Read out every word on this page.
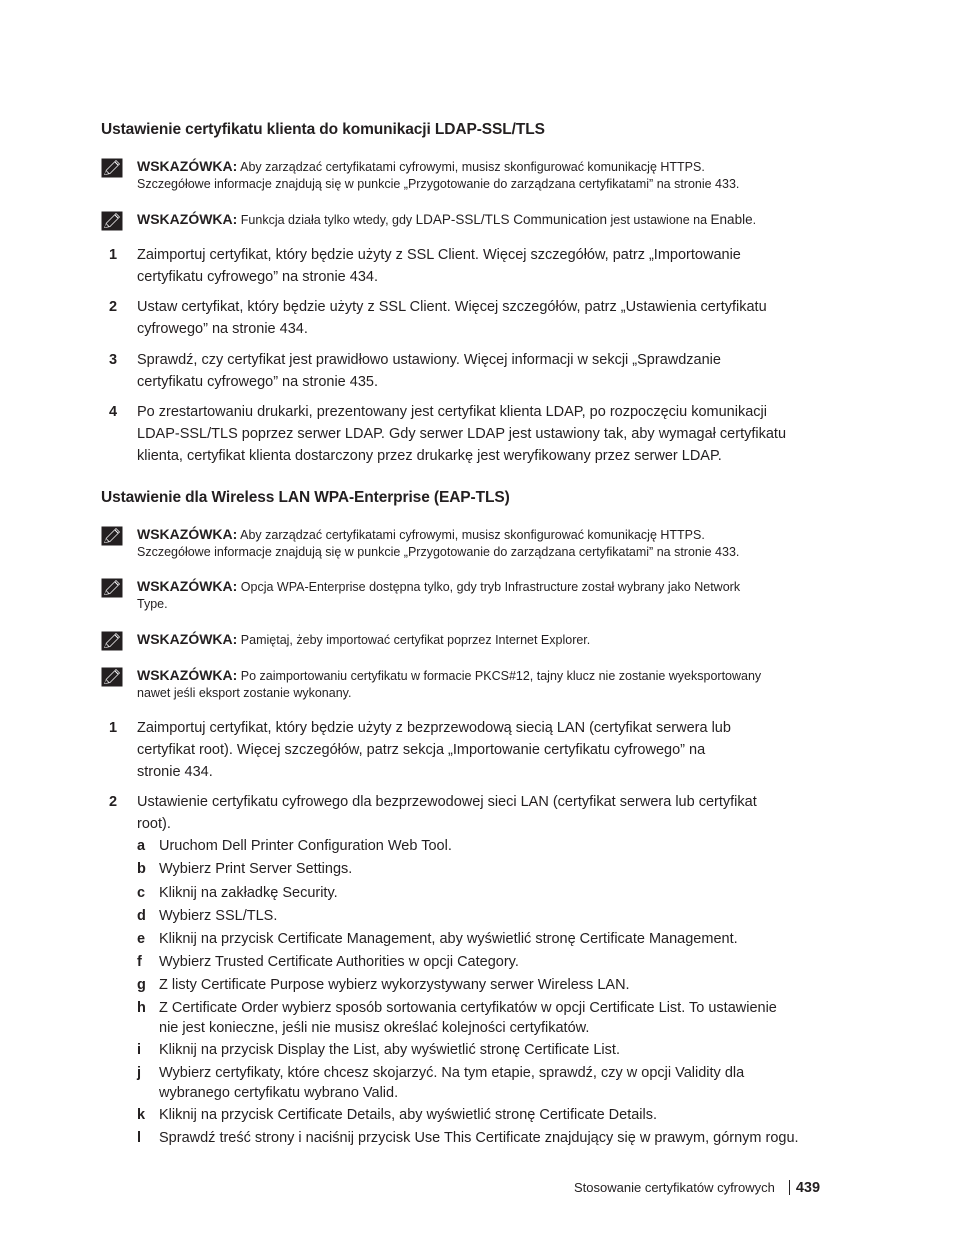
Ustawienie certyfikatu klienta do komunikacji LDAP-SSL/TLS
WSKAZÓWKA: Aby zarządzać certyfikatami cyfrowymi, musisz skonfigurować komunikację HTTPS.
Szczegółowe informacje znajdują się w punkcie „Przygotowanie do zarządzana certyfikatami” na stronie 433.
WSKAZÓWKA: Funkcja działa tylko wtedy, gdy LDAP-SSL/TLS Communication jest ustawione na Enable.
1 Zaimportuj certyfikat, który będzie użyty z SSL Client. Więcej szczegółów, patrz „Importowanie
certyfikatu cyfrowego” na stronie 434.
2 Ustaw certyfikat, który będzie użyty z SSL Client. Więcej szczegółów, patrz „Ustawienia certyfikatu
cyfrowego” na stronie 434.
3 Sprawdź, czy certyfikat jest prawidłowo ustawiony. Więcej informacji w sekcji „Sprawdzanie
certyfikatu cyfrowego” na stronie 435.
4 Po zrestartowaniu drukarki, prezentowany jest certyfikat klienta LDAP, po rozpoczęciu komunikacji
LDAP-SSL/TLS poprzez serwer LDAP. Gdy serwer LDAP jest ustawiony tak, aby wymagał certyfikatu
klienta, certyfikat klienta dostarczony przez drukarkę jest weryfikowany przez serwer LDAP.
Ustawienie dla Wireless LAN WPA-Enterprise (EAP-TLS)
WSKAZÓWKA: Aby zarządzać certyfikatami cyfrowymi, musisz skonfigurować komunikację HTTPS.
Szczegółowe informacje znajdują się w punkcie „Przygotowanie do zarządzana certyfikatami” na stronie 433.
WSKAZÓWKA: Opcja WPA-Enterprise dostępna tylko, gdy tryb Infrastructure został wybrany jako Network
Type.
WSKAZÓWKA: Pamiętaj, żeby importować certyfikat poprzez Internet Explorer.
WSKAZÓWKA: Po zaimportowaniu certyfikatu w formacie PKCS#12, tajny klucz nie zostanie wyeksportowany
nawet jeśli eksport zostanie wykonany.
1 Zaimportuj certyfikat, który będzie użyty z bezprzewodową siecią LAN (certyfikat serwera lub
certyfikat root). Więcej szczegółów, patrz sekcja „Importowanie certyfikatu cyfrowego” na
stronie 434.
2 Ustawienie certyfikatu cyfrowego dla bezprzewodowej sieci LAN (certyfikat serwera lub certyfikat
root).
a Uruchom Dell Printer Configuration Web Tool.
b Wybierz Print Server Settings.
c Kliknij na zakładkę Security.
d Wybierz SSL/TLS.
e Kliknij na przycisk Certificate Management, aby wyświetlić stronę Certificate Management.
f Wybierz Trusted Certificate Authorities w opcji Category.
g Z listy Certificate Purpose wybierz wykorzystywany serwer Wireless LAN.
h Z Certificate Order wybierz sposób sortowania certyfikatów w opcji Certificate List. To ustawienie
nie jest konieczne, jeśli nie musisz określać kolejności certyfikatów.
i Kliknij na przycisk Display the List, aby wyświetlić stronę Certificate List.
j Wybierz certyfikaty, które chcesz skojarzyć. Na tym etapie, sprawdź, czy w opcji Validity dla
wybranego certyfikatu wybrano Valid.
k Kliknij na przycisk Certificate Details, aby wyświetlić stronę Certificate Details.
l Sprawdź treść strony i naciśnij przycisk Use This Certificate znajdujący się w prawym, górnym rogu.
Stosowanie certyfikatów cyfrowych 439
